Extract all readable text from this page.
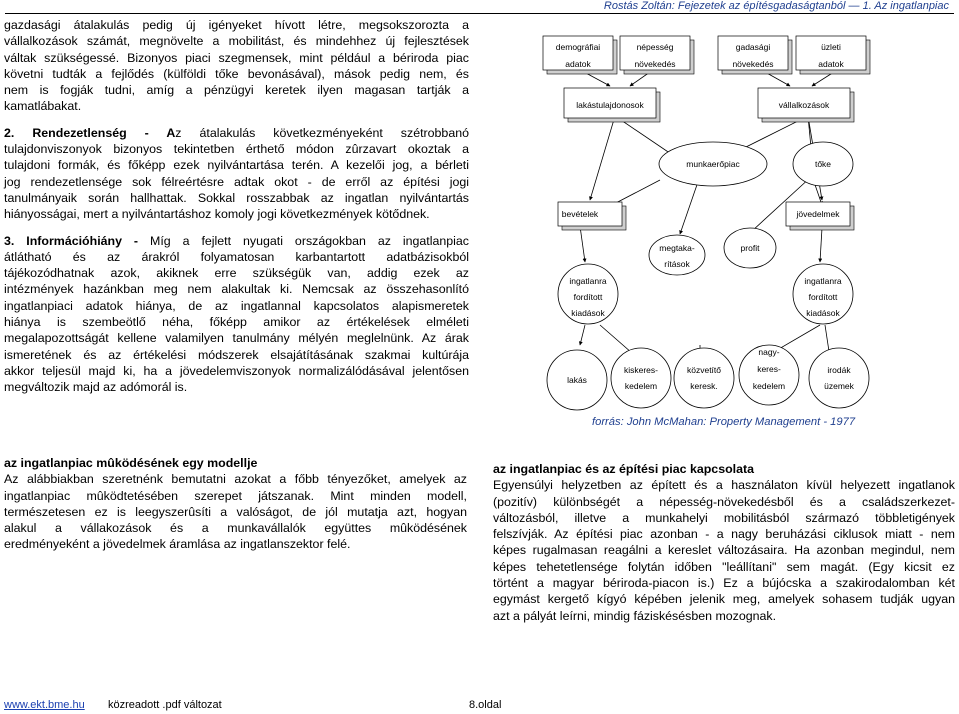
Rostás Zoltán: Fejezetek az építésgadaságtanból — 1. Az ingatlanpiac

gazdasági átalakulás pedig új igényeket hívott létre, megsokszorozta a

vállalkozások számát, megnövelte a mobilitást, és mindehhez új fejlesztések

váltak szükségessé. Bizonyos piaci szegmensek, mint például a bériroda piac

követni tudták a fejlődés (külföldi tőke bevonásával), mások pedig nem, és

nem is fogják tudni, amíg a pénzügyi keretek ilyen magasan tartják a

kamatlábakat.

2. Rendezetlenség - Az átalakulás következményeként szétrobbanó

tulajdonviszonyok bizonyos tekintetben érthető módon zûrzavart okoztak a

tulajdoni formák, és főképp ezek nyilvántartása terén. A kezelői jog, a bérleti

jog rendezetlensége sok félreértésre adtak okot - de erről az építési jogi

tanulmányaik során hallhattak. Sokkal rosszabbak az ingatlan nyilvántartás

hiányosságai, mert a nyilvántartáshoz komoly jogi következmények kötődnek.

3. Információhiány - Míg a fejlett nyugati országokban az ingatlanpiac

átlátható és az árakról folyamatosan karbantartott adatbázisokból

tájékozódhatnak azok, akiknek erre szükségük van, addig ezek az

intézmények hazánkban meg nem alakultak ki. Nemcsak az összehasonlító

ingatlanpiaci adatok hiánya, de az ingatlannal kapcsolatos alapismeretek

hiánya is szembeötlő néha, főképp amikor az értékelések elméleti

megalapozottságát kellene valamilyen tanulmány mélyén meglelnünk. Az árak

ismeretének és az értékelési módszerek elsajátításának szakmai kultúrája

akkor teljesül majd ki, ha a jövedelemviszonyok normalizálódásával jelentősen

megváltozik majd az adómorál is.

demográfiai
adatok
népesség
növekedés
gadasági
növekedés
üzleti
adatok
lakástulajdonosok	vállalkozások
munkaerőpiac	tőke
bevételek	jövedelmek
megtaka-
rítások
profit
ingatlanra
fordított
kiadások
ingatlanra
fordított
kiadások
lakás
kiskeres-
kedelem
közvetítő
keresk.
nagy-
keres-
kedelem
irodák
üzemek
forrás: John McMahan: Property Management - 1977

az ingatlanpiac mûködésének egy modellje

Az alábbiakban szeretnénk bemutatni azokat a főbb tényezőket, amelyek az

ingatlanpiac mûködtetésében szerepet játszanak. Mint minden modell,

természetesen ez is leegyszerûsíti a valóságot, de jól mutatja azt, hogyan

alakul a vállakozások és a munkavállalók együttes mûködésének

eredményeként a jövedelmek áramlása az ingatlanszektor felé.

az ingatlanpiac és az építési piac kapcsolata

Egyensúlyi helyzetben az épített és a használaton kívül helyezett ingatlanok

(pozitív) különbségét a népesség-növekedésből és a családszerkezet-

változásból, illetve a munkahelyi mobilitásból származó többletigények

felszívják. Az építési piac azonban - a nagy beruházási ciklusok miatt - nem

képes rugalmasan reagálni a kereslet változásaira. Ha azonban megindul, nem

képes tehetetlensége folytán időben "leállítani" sem magát. (Egy kicsit ez

történt a magyar bériroda-piacon is.) Ez a bújócska a szakirodalomban két

egymást kergető kígyó képében jelenik meg, amelyek sohasem tudják ugyan

azt a pályát leírni, mindig fáziskésésben mozognak.

www.ekt.bme.hu közreadott .pdf változat	8.oldal
